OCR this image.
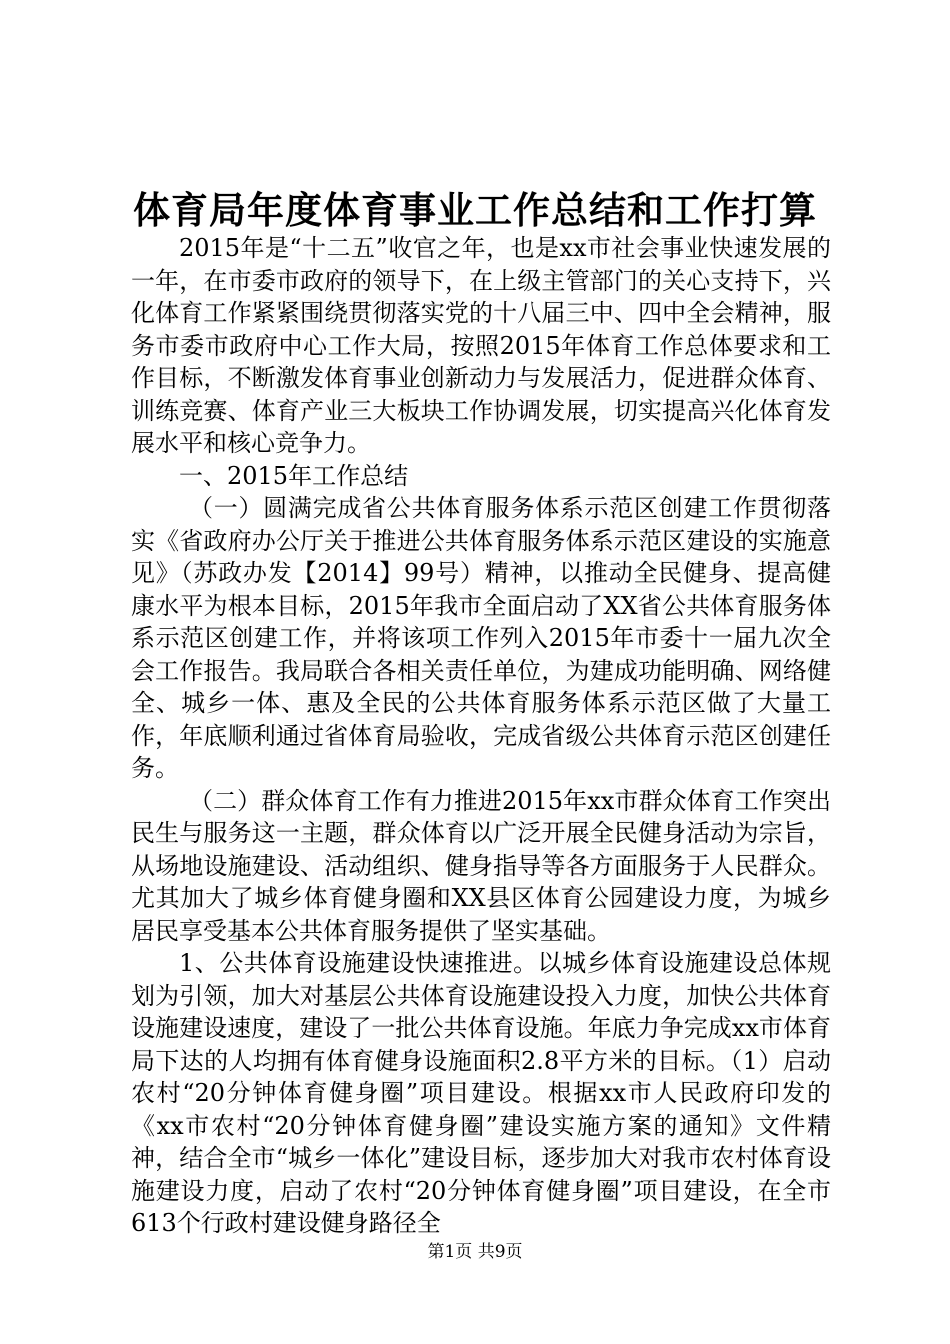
体育局年度体育事业工作总结和工作打算

2015年是“十二五”收官之年，也是xx市社会事业快速发展的一年，在市委市政府的领导下，在上级主管部门的关心支持下，兴化体育工作紧紧围绕贯彻落实党的十八届三中、四中全会精神，服务市委市政府中心工作大局，按照2015年体育工作总体要求和工作目标，不断激发体育事业创新动力与发展活力，促进群众体育、训练竞赛、体育产业三大板块工作协调发展，切实提高兴化体育发展水平和核心竞争力。

一、2015年工作总结

（一）圆满完成省公共体育服务体系示范区创建工作贯彻落实《省政府办公厅关于推进公共体育服务体系示范区建设的实施意见》（苏政办发【2014】99号）精神，以推动全民健身、提高健康水平为根本目标，2015年我市全面启动了XX省公共体育服务体系示范区创建工作，并将该项工作列入2015年市委十一届九次全会工作报告。我局联合各相关责任单位，为建成功能明确、网络健全、城乡一体、惠及全民的公共体育服务体系示范区做了大量工作，年底顺利通过省体育局验收，完成省级公共体育示范区创建任务。

（二）群众体育工作有力推进2015年xx市群众体育工作突出民生与服务这一主题，群众体育以广泛开展全民健身活动为宗旨，从场地设施建设、活动组织、健身指导等各方面服务于人民群众。尤其加大了城乡体育健身圈和XX县区体育公园建设力度，为城乡居民享受基本公共体育服务提供了坚实基础。

1、公共体育设施建设快速推进。以城乡体育设施建设总体规划为引领，加大对基层公共体育设施建设投入力度，加快公共体育设施建设速度，建设了一批公共体育设施。年底力争完成xx市体育局下达的人均拥有体育健身设施面积2.8平方米的目标。（1）启动农村“20分钟体育健身圈”项目建设。根据xx市人民政府印发的《xx市农村“20分钟体育健身圈”建设实施方案的通知》文件精神，结合全市“城乡一体化”建设目标，逐步加大对我市农村体育设施建设力度，启动了农村“20分钟体育健身圈”项目建设，在全市613个行政村建设健身路径全

第1页 共9页
